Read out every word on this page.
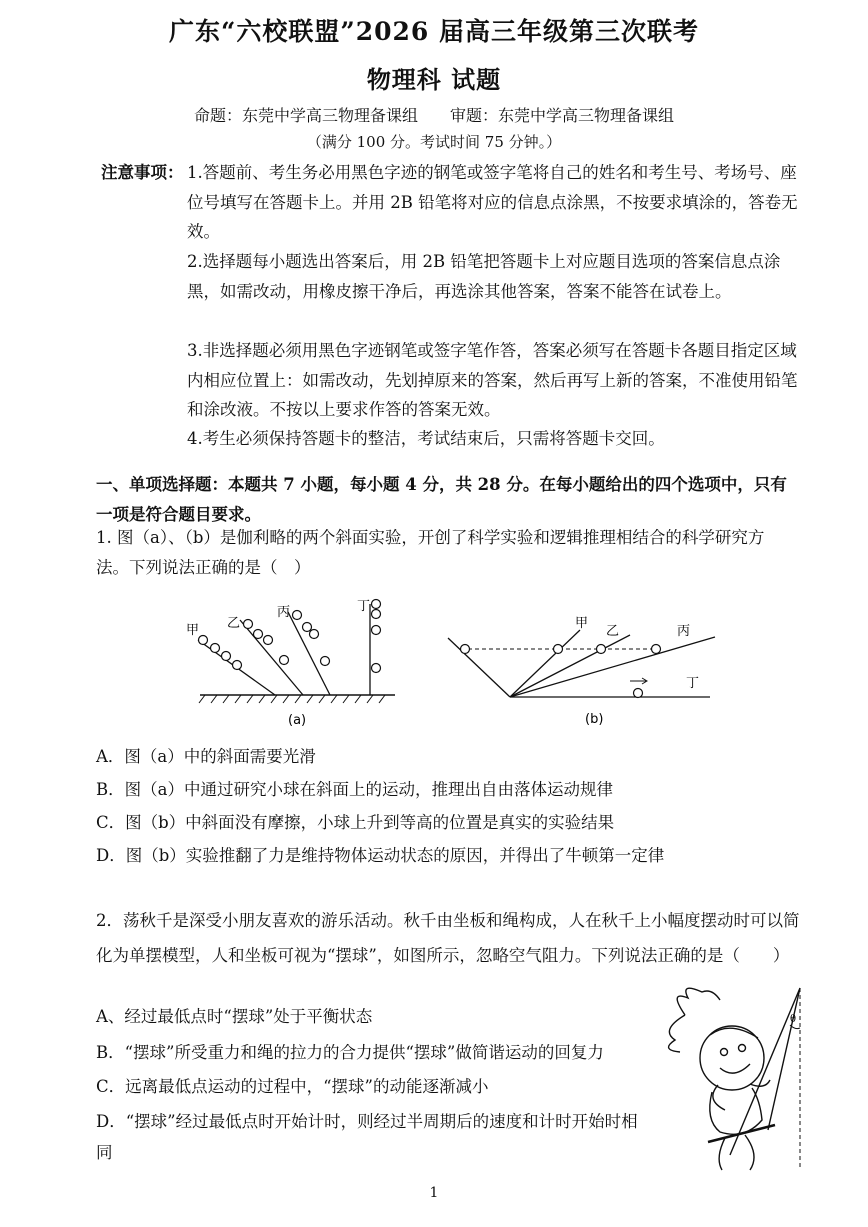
广东“六校联盟”2026 届高三年级第三次联考
物理科 试题
命题：东莞中学高三物理备课组　　审题：东莞中学高三物理备课组
（满分 100 分。考试时间 75 分钟。）
注意事项： 1.答题前、考生务必用黑色字迹的钢笔或签字笔将自己的姓名和考生号、考场号、座位号填写在答题卡上。并用 2B 铅笔将对应的信息点涂黑，不按要求填涂的，答卷无效。
2.选择题每小题选出答案后，用 2B 铅笔把答题卡上对应题目选项的答案信息点涂黑，如需改动，用橡皮擦干净后，再选涂其他答案，答案不能答在试卷上。
3.非选择题必须用黑色字迹钢笔或签字笔作答，答案必须写在答题卡各题目指定区域内相应位置上：如需改动，先划掉原来的答案，然后再写上新的答案，不准使用铅笔和涂改液。不按以上要求作答的答案无效。
4.考生必须保持答题卡的整洁，考试结束后，只需将答题卡交回。
一、单项选择题：本题共 7 小题，每小题 4 分，共 28 分。在每小题给出的四个选项中，只有一项是符合题目要求。
1. 图（a）、（b）是伽利略的两个斜面实验，开创了科学实验和逻辑推理相结合的科学研究方法。下列说法正确的是（　）
甲 乙
丙	丁
(a)
甲
乙	丙
丁
(b)
A．图（a）中的斜面需要光滑
B．图（a）中通过研究小球在斜面上的运动，推理出自由落体运动规律
C．图（b）中斜面没有摩擦，小球上升到等高的位置是真实的实验结果
D．图（b）实验推翻了力是维持物体运动状态的原因，并得出了牛顿第一定律
2．荡秋千是深受小朋友喜欢的游乐活动。秋千由坐板和绳构成，人在秋千上小幅度摆动时可以简化为单摆模型，人和坐板可视为“摆球”，如图所示，忽略空气阻力。下列说法正确的是（　　）
A、经过最低点时“摆球”处于平衡状态
B．“摆球”所受重力和绳的拉力的合力提供“摆球”做简谐运动的回复力
C．远离最低点运动的过程中，“摆球”的动能逐渐减小
D．“摆球”经过最低点时开始计时，则经过半周期后的速度和计时开始时相同
θ
1
